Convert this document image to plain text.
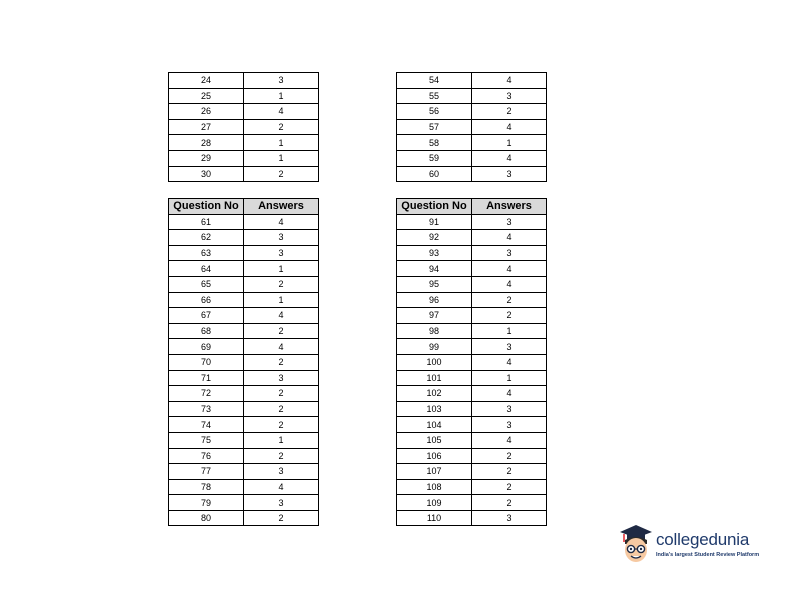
24	3
25	1
26	4
27	2
28	1
29	1
30	2
54	4
55	3
56	2
57	4
58	1
59	4
60	3
Question No	Answers
61	4
62	3
63	3
64	1
65	2
66	1
67	4
68	2
69	4
70	2
71	3
72	2
73	2
74	2
75	1
76	2
77	3
78	4
79	3
80	2
Question No	Answers
91	3
92	4
93	3
94	4
95	4
96	2
97	2
98	1
99	3
100	4
101	1
102	4
103	3
104	3
105	4
106	2
107	2
108	2
109	2
110	3
collegedunia
India's largest Student Review Platform
